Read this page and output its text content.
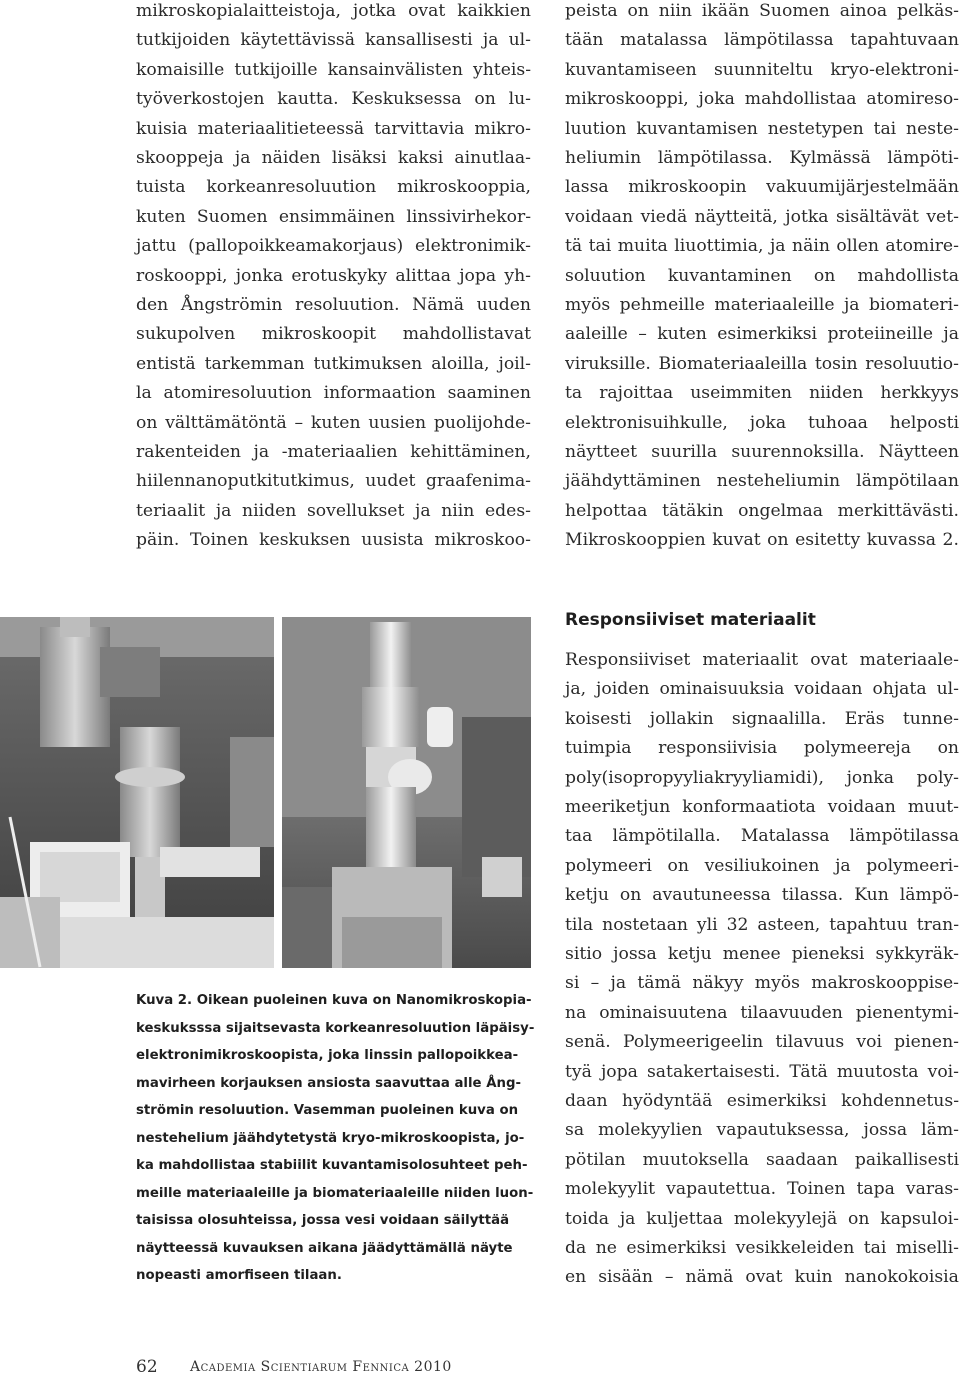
mikroskopialaitteistoja, jotka ovat kaikkien
tutkijoiden käytettävissä kansallisesti ja ul-
komaisille tutkijoille kansainvälisten yhteis-
työverkostojen kautta. Keskuksessa on lu-
kuisia materiaalitieteessä tarvittavia mikro-
skooppeja ja näiden lisäksi kaksi ainutlaa-
tuista korkeanresoluution mikroskooppia,
kuten Suomen ensimmäinen linssivirhekor-
jattu (pallopoikkeamakorjaus) elektronimik-
roskooppi, jonka erotuskyky alittaa jopa yh-
den Ångströmin resoluution. Nämä uuden
sukupolven mikroskoopit mahdollistavat
entistä tarkemman tutkimuksen aloilla, joil-
la atomiresoluution informaation saaminen
on välttämätöntä – kuten uusien puolijohde-
rakenteiden ja -materiaalien kehittäminen,
hiilennanoputkitutkimus, uudet graafenima-
teriaalit ja niiden sovellukset ja niin edes-
päin. Toinen keskuksen uusista mikroskoo-
peista on niin ikään Suomen ainoa pelkäs-
tään matalassa lämpötilassa tapahtuvaan
kuvantamiseen suunniteltu kryo-elektroni-
mikroskooppi, joka mahdollistaa atomireso-
luution kuvantamisen nestetypen tai neste-
heliumin lämpötilassa. Kylmässä lämpöti-
lassa mikroskoopin vakuumijärjestelmään
voidaan viedä näytteitä, jotka sisältävät vet-
tä tai muita liuottimia, ja näin ollen atomire-
soluution kuvantaminen on mahdollista
myös pehmeille materiaaleille ja biomateri-
aaleille – kuten esimerkiksi proteiineille ja
viruksille. Biomateriaaleilla tosin resoluutio-
ta rajoittaa useimmiten niiden herkkyys
elektronisuihkulle, joka tuhoaa helposti
näytteet suurilla suurennoksilla. Näytteen
jäähdyttäminen nesteheliumin lämpötilaan
helpottaa tätäkin ongelmaa merkittävästi.
Mikroskooppien kuvat on esitetty kuvassa 2.
Responsiiviset materiaalit
Responsiiviset materiaalit ovat materiaale-
ja, joiden ominaisuuksia voidaan ohjata ul-
koisesti jollakin signaalilla. Eräs tunne-
tuimpia responsiivisia polymeereja on
poly(isopropyyliakryyliamidi), jonka poly-
meeriketjun konformaatiota voidaan muut-
taa lämpötilalla. Matalassa lämpötilassa
polymeeri on vesiliukoinen ja polymeeri-
ketju on avautuneessa tilassa. Kun lämpö-
tila nostetaan yli 32 asteen, tapahtuu tran-
sitio jossa ketju menee pieneksi sykkyräk-
si – ja tämä näkyy myös makroskooppise-
na ominaisuutena tilaavuuden pienentymi-
senä. Polymeerigeelin tilavuus voi pienen-
tyä jopa satakertaisesti. Tätä muutosta voi-
daan hyödyntää esimerkiksi kohdennetus-
sa molekyylien vapautuksessa, jossa läm-
pötilan muutoksella saadaan paikallisesti
molekyylit vapautettua. Toinen tapa varas-
toida ja kuljettaa molekyylejä on kapsuloi-
da ne esimerkiksi vesikkeleiden tai miselli-
en sisään – nämä ovat kuin nanokokoisia
Kuva 2. Oikean puoleinen kuva on Nanomikroskopia-
keskuksssa sijaitsevasta korkeanresoluution läpäisy-
elektronimikroskoopista, joka linssin pallopoikkea-
mavirheen korjauksen ansiosta saavuttaa alle Ång-
strömin resoluution. Vasemman puoleinen kuva on
nestehelium jäähdytetystä kryo-mikroskoopista, jo-
ka mahdollistaa stabiilit kuvantamisolosuhteet peh-
meille materiaaleille ja biomateriaaleille niiden luon-
taisissa olosuhteissa, jossa vesi voidaan säilyttää
näytteessä kuvauksen aikana jäädyttämällä näyte
nopeasti amorfiseen tilaan.
62 Academia Scientiarum Fennica 2010
